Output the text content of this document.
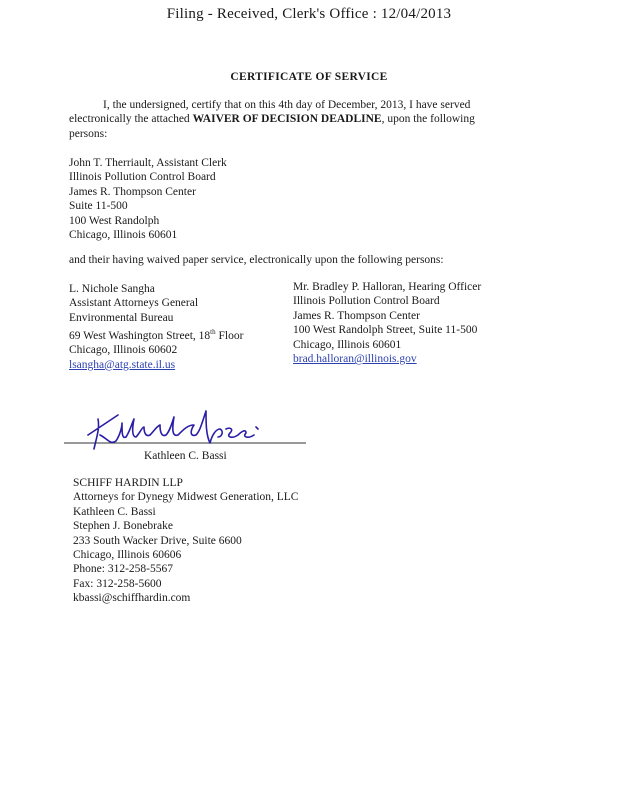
Filing - Received, Clerk's Office : 12/04/2013
CERTIFICATE OF SERVICE
I, the undersigned, certify that on this 4th day of December, 2013, I have served electronically the attached WAIVER OF DECISION DEADLINE, upon the following persons:
John T. Therriault, Assistant Clerk
Illinois Pollution Control Board
James R. Thompson Center
Suite 11-500
100 West Randolph
Chicago, Illinois 60601
and their having waived paper service, electronically upon the following persons:
L. Nichole Sangha
Assistant Attorneys General
Environmental Bureau
69 West Washington Street, 18th Floor
Chicago, Illinois 60602
lsangha@atg.state.il.us
Mr. Bradley P. Halloran, Hearing Officer
Illinois Pollution Control Board
James R. Thompson Center
100 West Randolph Street, Suite 11-500
Chicago, Illinois 60601
brad.halloran@illinois.gov
Kathleen C. Bassi
SCHIFF HARDIN LLP
Attorneys for Dynegy Midwest Generation, LLC
Kathleen C. Bassi
Stephen J. Bonebrake
233 South Wacker Drive, Suite 6600
Chicago, Illinois 60606
Phone: 312-258-5567
Fax: 312-258-5600
kbassi@schiffhardin.com
